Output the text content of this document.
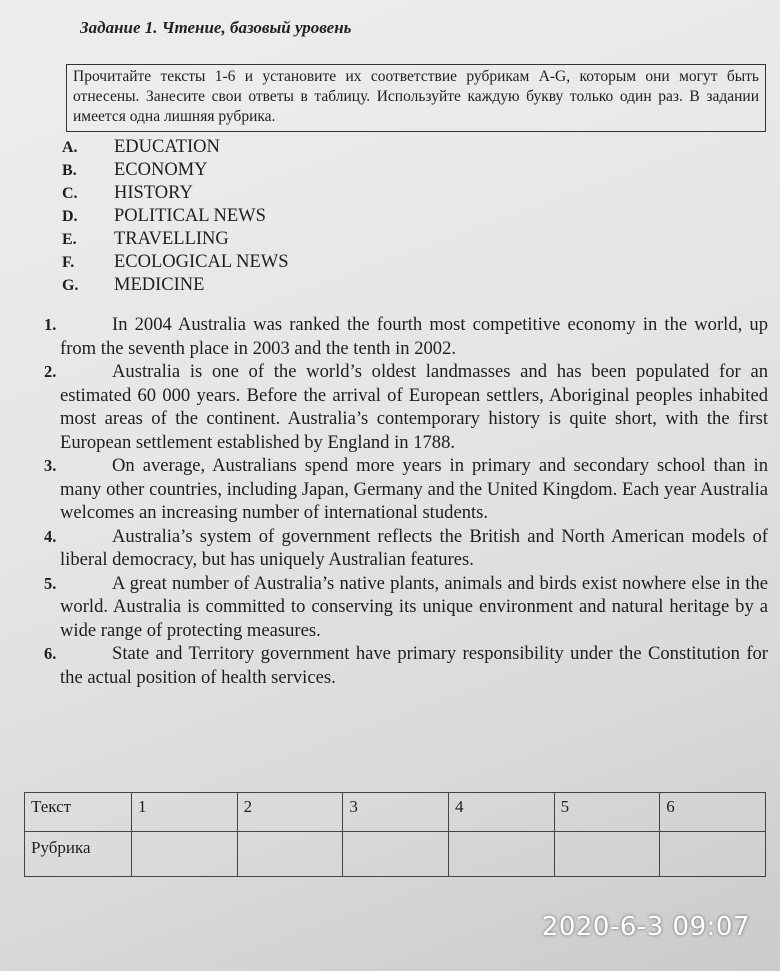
Задание 1. Чтение, базовый уровень
Прочитайте тексты 1-6 и установите их соответствие рубрикам A-G, которым они могут быть отнесены. Занесите свои ответы в таблицу. Используйте каждую букву только один раз. В задании имеется одна лишняя рубрика.
A. EDUCATION
B. ECONOMY
C. HISTORY
D. POLITICAL NEWS
E. TRAVELLING
F. ECOLOGICAL NEWS
G. MEDICINE
1.	In 2004 Australia was ranked the fourth most competitive economy in the world, up from the seventh place in 2003 and the tenth in 2002.
2.	Australia is one of the world’s oldest landmasses and has been populated for an estimated 60 000 years. Before the arrival of European settlers, Aboriginal peoples inhabited most areas of the continent. Australia’s contemporary history is quite short, with the first European settlement established by England in 1788.
3.	On average, Australians spend more years in primary and secondary school than in many other countries, including Japan, Germany and the United Kingdom. Each year Australia welcomes an increasing number of international students.
4.	Australia’s system of government reflects the British and North American models of liberal democracy, but has uniquely Australian features.
5.	A great number of Australia’s native plants, animals and birds exist nowhere else in the world. Australia is committed to conserving its unique environment and natural heritage by a wide range of protecting measures.
6.	State and Territory government have primary responsibility under the Constitution for the actual position of health services.
Текст	1	2	3	4	5	6
Рубрика						
2020-6-3 09:07
